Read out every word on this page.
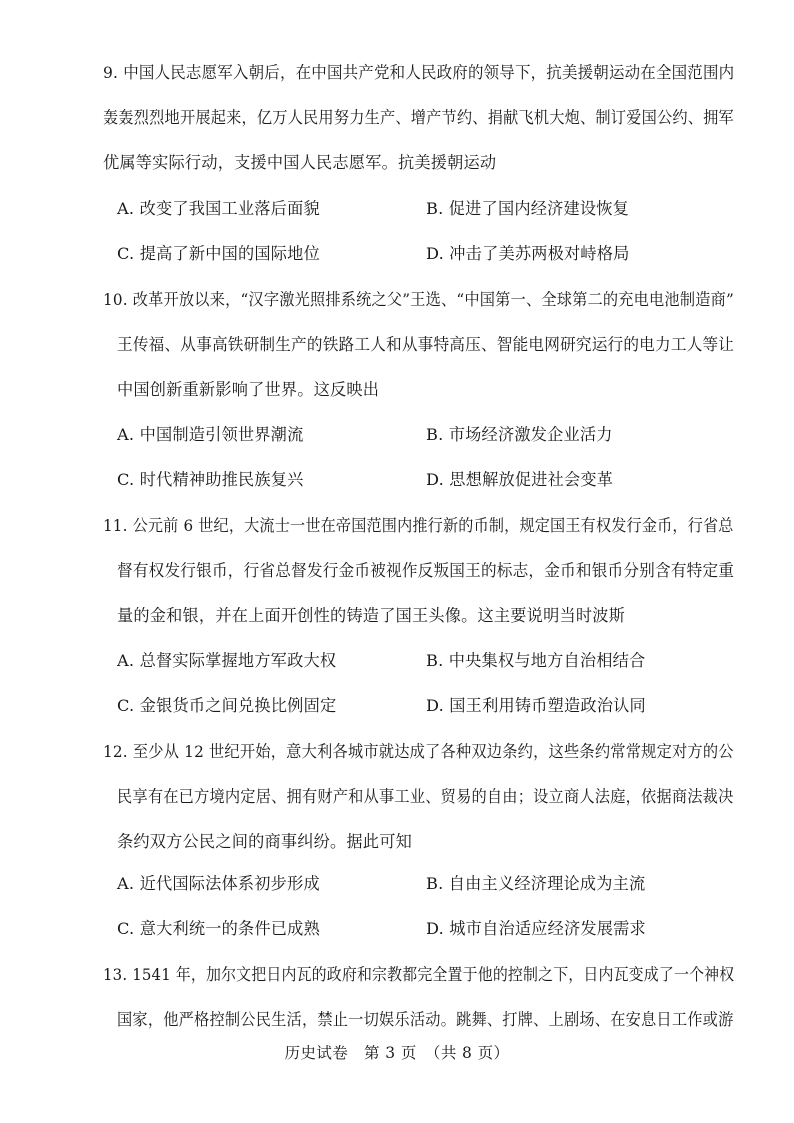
9. 中国人民志愿军入朝后，在中国共产党和人民政府的领导下，抗美援朝运动在全国范围内
轰轰烈烈地开展起来，亿万人民用努力生产、增产节约、捐献飞机大炮、制订爱国公约、拥军
优属等实际行动，支援中国人民志愿军。抗美援朝运动
A. 改变了我国工业落后面貌	B. 促进了国内经济建设恢复
C. 提高了新中国的国际地位	D. 冲击了美苏两极对峙格局
10. 改革开放以来，“汉字激光照排系统之父”王选、“中国第一、全球第二的充电电池制造商”
王传福、从事高铁研制生产的铁路工人和从事特高压、智能电网研究运行的电力工人等让
中国创新重新影响了世界。这反映出
A. 中国制造引领世界潮流	B. 市场经济激发企业活力
C. 时代精神助推民族复兴	D. 思想解放促进社会变革
11. 公元前 6 世纪，大流士一世在帝国范围内推行新的币制，规定国王有权发行金币，行省总
督有权发行银币，行省总督发行金币被视作反叛国王的标志，金币和银币分别含有特定重
量的金和银，并在上面开创性的铸造了国王头像。这主要说明当时波斯
A. 总督实际掌握地方军政大权	B. 中央集权与地方自治相结合
C. 金银货币之间兑换比例固定	D. 国王利用铸币塑造政治认同
12. 至少从 12 世纪开始，意大利各城市就达成了各种双边条约，这些条约常常规定对方的公
民享有在已方境内定居、拥有财产和从事工业、贸易的自由；设立商人法庭，依据商法裁决
条约双方公民之间的商事纠纷。据此可知
A. 近代国际法体系初步形成	B. 自由主义经济理论成为主流
C. 意大利统一的条件已成熟	D. 城市自治适应经济发展需求
13. 1541 年，加尔文把日内瓦的政府和宗教都完全置于他的控制之下，日内瓦变成了一个神权
国家，他严格控制公民生活，禁止一切娱乐活动。跳舞、打牌、上剧场、在安息日工作或游
历史试卷　第 3 页　（共 8 页）
